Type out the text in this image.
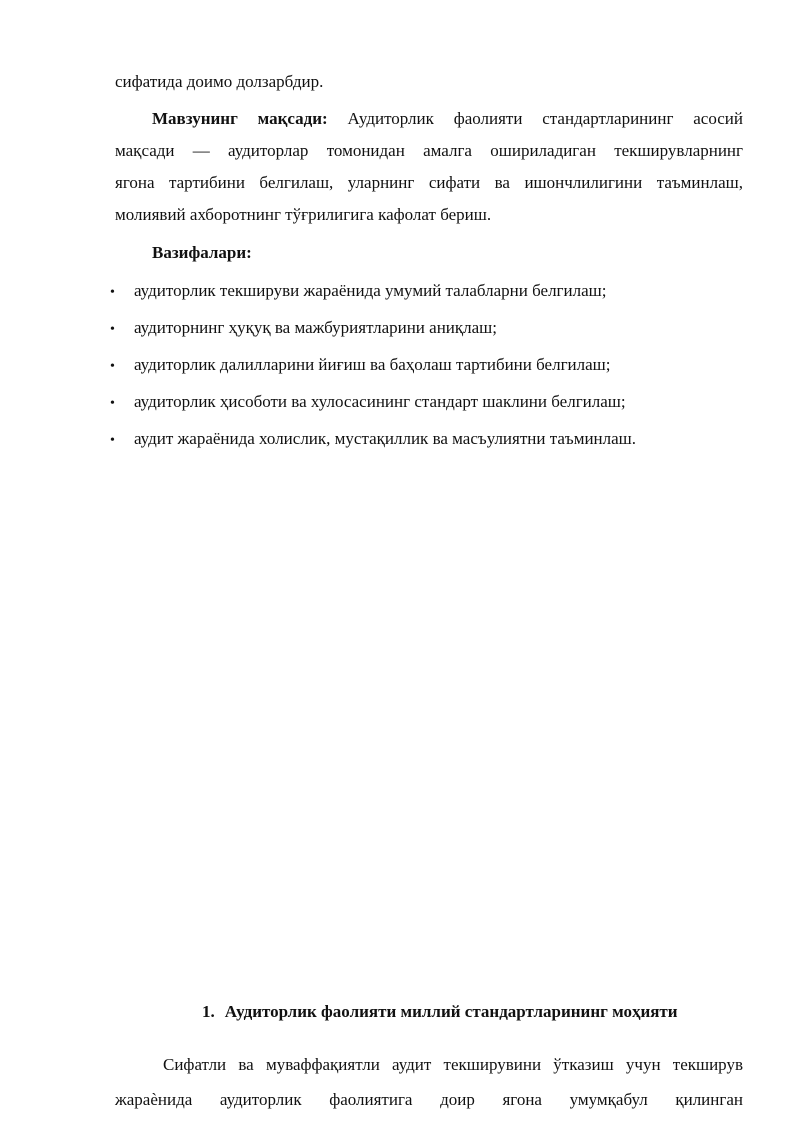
сифатида доимо долзарбдир.
Мавзунинг мақсади: Аудиторлик фаолияти стандартларининг асосий
мақсади — аудиторлар томонидан амалга ошириладиган текширувларнинг
ягона тартибини белгилаш, уларнинг сифати ва ишончлилигини таъминлаш,
молиявий ахборотнинг тўғрилигига кафолат бериш.
Вазифалари:
• аудиторлик текшируви жараёнида умумий талабларни белгилаш;
• аудиторнинг ҳуқуқ ва мажбуриятларини аниқлаш;
• аудиторлик далилларини йиғиш ва баҳолаш тартибини белгилаш;
• аудиторлик ҳисоботи ва хулосасининг стандарт шаклини белгилаш;
• аудит жараёнида холислик, мустақиллик ва масъулиятни таъминлаш.
1. Аудиторлик фаолияти миллий стандартларининг моҳияти
Сифатли ва муваффақиятли аудит текширувини ўтказиш учун текширув
жараѐнида аудиторлик фаолиятига доир ягона умумқабул қилинган
